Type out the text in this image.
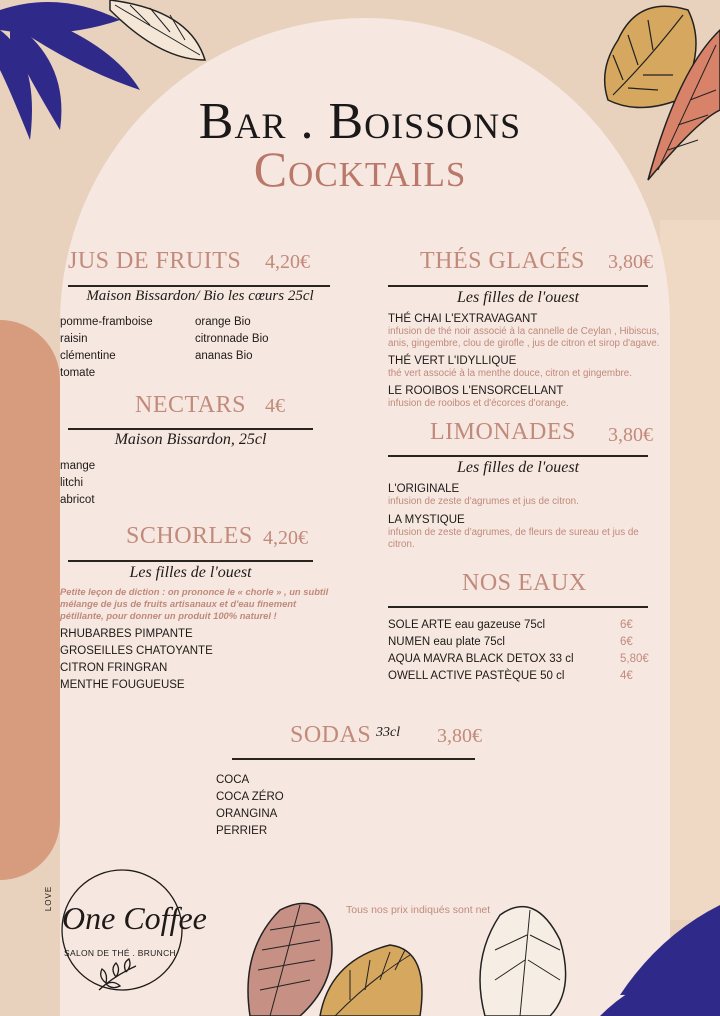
Bar . Boissons
Cocktails
JUS DE FRUITS 4,20€
Maison Bissardon/ Bio les cœurs 25cl
pomme-framboise
raisin
clémentine
tomate
orange Bio
citronnade Bio
ananas Bio
NECTARS 4€
Maison Bissardon, 25cl
mange
litchi
abricot
SCHORLES 4,20€
Les filles de l'ouest
Petite leçon de diction : on prononce le « chorle » , un subtil mélange de jus de fruits artisanaux et d'eau finement pétillante, pour donner un produit 100% naturel !
RHUBARBES PIMPANTE
GROSEILLES CHATOYANTE
CITRON FRINGRAN
MENTHE FOUGUEUSE
THÉS GLACÉS 3,80€
Les filles de l'ouest
THÉ CHAI L'EXTRAVAGANT
infusion de thé noir associé à la cannelle de Ceylan , Hibiscus, anis, gingembre, clou de girofle , jus de citron et sirop d'agave.
THÉ VERT L'IDYLLIQUE
thé vert associé à la menthe douce, citron et gingembre.
LE ROOIBOS L'ENSORCELLANT
infusion de rooibos et d'écorces d'orange.
LIMONADES 3,80€
Les filles de l'ouest
L'ORIGINALE
infusion de zeste d'agrumes et jus de citron.
LA MYSTIQUE
infusion de zeste d'agrumes, de fleurs de sureau et jus de citron.
NOS EAUX
SOLE ARTE eau gazeuse 75cl	6€
NUMEN eau plate 75cl	6€
AQUA MAVRA BLACK DETOX 33 cl	5,80€
OWELL ACTIVE PASTÈQUE 50 cl	4€
SODAS 33cl 3,80€
COCA
COCA ZÉRO
ORANGINA
PERRIER
Tous nos prix indiqués sont net
LOVE
One Coffee
SALON DE THÉ . BRUNCH
